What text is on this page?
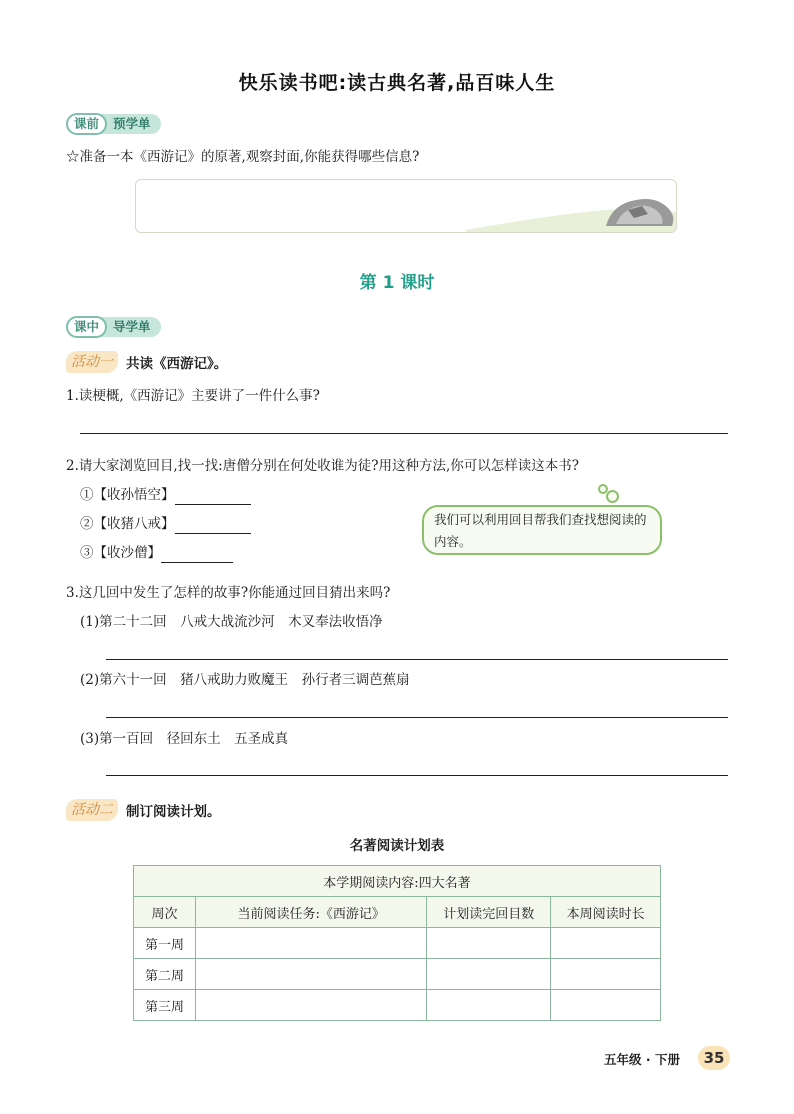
快乐读书吧:读古典名著,品百味人生
课前	预学单
☆准备一本《西游记》的原著,观察封面,你能获得哪些信息?
第 1 课时
课中	导学单
活动一 共读《西游记》。
1.读梗概,《西游记》主要讲了一件什么事?
2.请大家浏览回目,找一找:唐僧分别在何处收谁为徒?用这种方法,你可以怎样读这本书?
①【收孙悟空】
②【收猪八戒】
③【收沙僧】
我们可以利用回目帮我们查找想阅读的内容。
3.这几回中发生了怎样的故事?你能通过回目猜出来吗?
(1)第二十二回　八戒大战流沙河　木叉奉法收悟净
(2)第六十一回　猪八戒助力败魔王　孙行者三调芭蕉扇
(3)第一百回　径回东土　五圣成真
活动二 制订阅读计划。
名著阅读计划表
本学期阅读内容:四大名著			
周次	当前阅读任务:《西游记》	计划读完回目数	本周阅读时长
第一周			
第二周			
第三周			
五年级 · 下册	35
